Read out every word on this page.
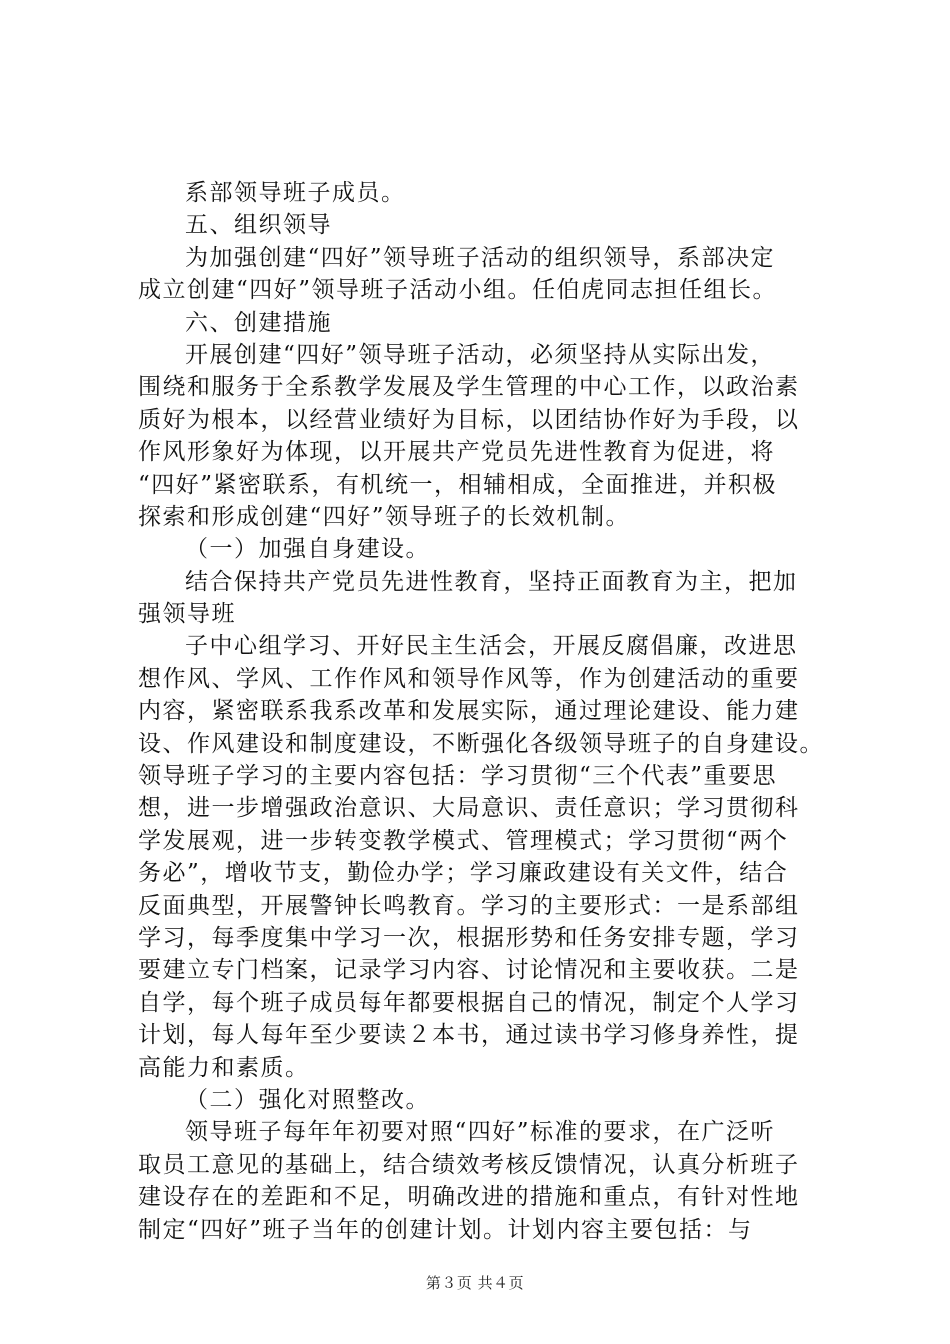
系部领导班子成员。
五、组织领导
为加强创建“四好”领导班子活动的组织领导，系部决定
成立创建“四好”领导班子活动小组。任伯虎同志担任组长。
六、创建措施
开展创建“四好”领导班子活动，必须坚持从实际出发，
围绕和服务于全系教学发展及学生管理的中心工作，以政治素
质好为根本，以经营业绩好为目标，以团结协作好为手段，以
作风形象好为体现，以开展共产党员先进性教育为促进，将
“四好”紧密联系，有机统一，相辅相成，全面推进，并积极
探索和形成创建“四好”领导班子的长效机制。
（一）加强自身建设。
结合保持共产党员先进性教育，坚持正面教育为主，把加
强领导班
子中心组学习、开好民主生活会，开展反腐倡廉，改进思
想作风、学风、工作作风和领导作风等，作为创建活动的重要
内容，紧密联系我系改革和发展实际，通过理论建设、能力建
设、作风建设和制度建设，不断强化各级领导班子的自身建设。
领导班子学习的主要内容包括：学习贯彻“三个代表”重要思
想，进一步增强政治意识、大局意识、责任意识；学习贯彻科
学发展观，进一步转变教学模式、管理模式；学习贯彻“两个
务必”，增收节支，勤俭办学；学习廉政建设有关文件，结合
反面典型，开展警钟长鸣教育。学习的主要形式：一是系部组
学习，每季度集中学习一次，根据形势和任务安排专题，学习
要建立专门档案，记录学习内容、讨论情况和主要收获。二是
自学，每个班子成员每年都要根据自己的情况，制定个人学习
计划，每人每年至少要读２本书，通过读书学习修身养性，提
高能力和素质。
（二）强化对照整改。
领导班子每年年初要对照“四好”标准的要求，在广泛听
取员工意见的基础上，结合绩效考核反馈情况，认真分析班子
建设存在的差距和不足，明确改进的措施和重点，有针对性地
制定“四好”班子当年的创建计划。计划内容主要包括：与
第３页 共４页
